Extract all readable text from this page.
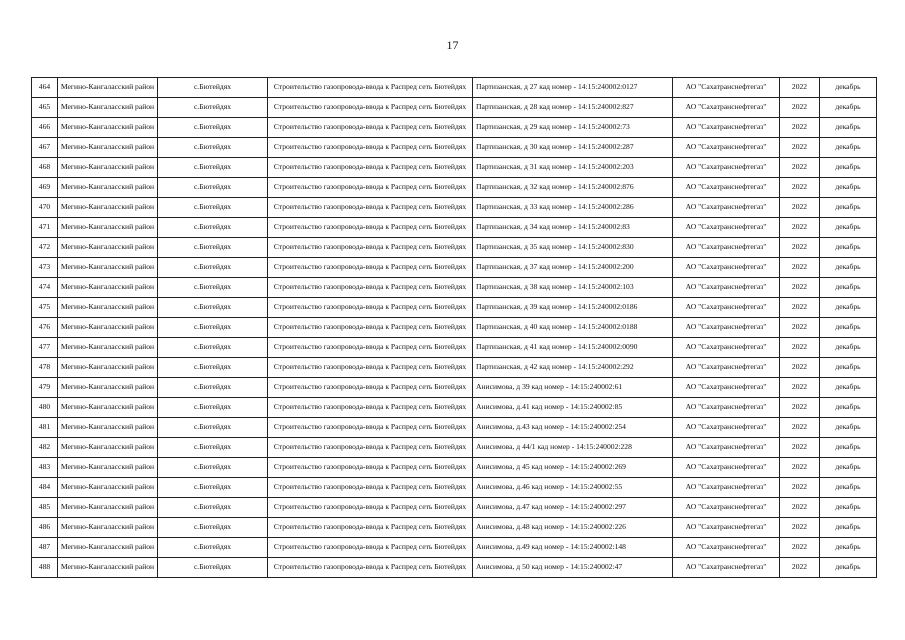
17
464	Мегино-Кангаласский район	с.Бютейдях	Строительство газопровода-ввода к Распред сеть Бютейдях	Партизанская, д 27 кад номер - 14:15:240002:0127	АО "Сахатранснефтегаз"	2022	декабрь
465	Мегино-Кангаласский район	с.Бютейдях	Строительство газопровода-ввода к Распред сеть Бютейдях	Партизанская, д 28 кад номер - 14:15:240002:827	АО "Сахатранснефтегаз"	2022	декабрь
466	Мегино-Кангаласский район	с.Бютейдях	Строительство газопровода-ввода к Распред сеть Бютейдях	Партизанская, д 29 кад номер - 14:15:240002:73	АО "Сахатранснефтегаз"	2022	декабрь
467	Мегино-Кангаласский район	с.Бютейдях	Строительство газопровода-ввода к Распред сеть Бютейдях	Партизанская, д 30 кад номер - 14:15:240002:287	АО "Сахатранснефтегаз"	2022	декабрь
468	Мегино-Кангаласский район	с.Бютейдях	Строительство газопровода-ввода к Распред сеть Бютейдях	Партизанская, д 31 кад номер - 14:15:240002:203	АО "Сахатранснефтегаз"	2022	декабрь
469	Мегино-Кангаласский район	с.Бютейдях	Строительство газопровода-ввода к Распред сеть Бютейдях	Партизанская, д 32 кад номер - 14:15:240002:876	АО "Сахатранснефтегаз"	2022	декабрь
470	Мегино-Кангаласский район	с.Бютейдях	Строительство газопровода-ввода к Распред сеть Бютейдях	Партизанская, д 33 кад номер - 14:15:240002:286	АО "Сахатранснефтегаз"	2022	декабрь
471	Мегино-Кангаласский район	с.Бютейдях	Строительство газопровода-ввода к Распред сеть Бютейдях	Партизанская, д 34 кад номер - 14:15:240002:83	АО "Сахатранснефтегаз"	2022	декабрь
472	Мегино-Кангаласский район	с.Бютейдях	Строительство газопровода-ввода к Распред сеть Бютейдях	Партизанская, д 35 кад номер - 14:15:240002:830	АО "Сахатранснефтегаз"	2022	декабрь
473	Мегино-Кангаласский район	с.Бютейдях	Строительство газопровода-ввода к Распред сеть Бютейдях	Партизанская, д 37 кад номер - 14:15:240002:200	АО "Сахатранснефтегаз"	2022	декабрь
474	Мегино-Кангаласский район	с.Бютейдях	Строительство газопровода-ввода к Распред сеть Бютейдях	Партизанская, д 38 кад номер - 14:15:240002:103	АО "Сахатранснефтегаз"	2022	декабрь
475	Мегино-Кангаласский район	с.Бютейдях	Строительство газопровода-ввода к Распред сеть Бютейдях	Партизанская, д 39 кад номер - 14:15:240002:0186	АО "Сахатранснефтегаз"	2022	декабрь
476	Мегино-Кангаласский район	с.Бютейдях	Строительство газопровода-ввода к Распред сеть Бютейдях	Партизанская, д 40 кад номер - 14:15:240002:0188	АО "Сахатранснефтегаз"	2022	декабрь
477	Мегино-Кангаласский район	с.Бютейдях	Строительство газопровода-ввода к Распред сеть Бютейдях	Партизанская, д 41 кад номер - 14:15:240002:0090	АО "Сахатранснефтегаз"	2022	декабрь
478	Мегино-Кангаласский район	с.Бютейдях	Строительство газопровода-ввода к Распред сеть Бютейдях	Партизанская, д 42 кад номер - 14:15:240002:292	АО "Сахатранснефтегаз"	2022	декабрь
479	Мегино-Кангаласский район	с.Бютейдях	Строительство газопровода-ввода к Распред сеть Бютейдях	Анисимова, д 39 кад номер - 14:15:240002:61	АО "Сахатранснефтегаз"	2022	декабрь
480	Мегино-Кангаласский район	с.Бютейдях	Строительство газопровода-ввода к Распред сеть Бютейдях	Анисимова, д.41 кад номер - 14:15:240002:85	АО "Сахатранснефтегаз"	2022	декабрь
481	Мегино-Кангаласский район	с.Бютейдях	Строительство газопровода-ввода к Распред сеть Бютейдях	Анисимова, д.43 кад номер - 14:15:240002:254	АО "Сахатранснефтегаз"	2022	декабрь
482	Мегино-Кангаласский район	с.Бютейдях	Строительство газопровода-ввода к Распред сеть Бютейдях	Анисимова, д 44/1 кад номер - 14:15:240002:228	АО "Сахатранснефтегаз"	2022	декабрь
483	Мегино-Кангаласский район	с.Бютейдях	Строительство газопровода-ввода к Распред сеть Бютейдях	Анисимова, д 45 кад номер - 14:15:240002:269	АО "Сахатранснефтегаз"	2022	декабрь
484	Мегино-Кангаласский район	с.Бютейдях	Строительство газопровода-ввода к Распред сеть Бютейдях	Анисимова, д.46 кад номер - 14:15:240002:55	АО "Сахатранснефтегаз"	2022	декабрь
485	Мегино-Кангаласский район	с.Бютейдях	Строительство газопровода-ввода к Распред сеть Бютейдях	Анисимова, д.47 кад номер - 14:15:240002:297	АО "Сахатранснефтегаз"	2022	декабрь
486	Мегино-Кангаласский район	с.Бютейдях	Строительство газопровода-ввода к Распред сеть Бютейдях	Анисимова, д.48 кад номер - 14:15:240002:226	АО "Сахатранснефтегаз"	2022	декабрь
487	Мегино-Кангаласский район	с.Бютейдях	Строительство газопровода-ввода к Распред сеть Бютейдях	Анисимова, д.49 кад номер - 14:15:240002:148	АО "Сахатранснефтегаз"	2022	декабрь
488	Мегино-Кангаласский район	с.Бютейдях	Строительство газопровода-ввода к Распред сеть Бютейдях	Анисимова, д 50 кад номер - 14:15:240002:47	АО "Сахатранснефтегаз"	2022	декабрь
